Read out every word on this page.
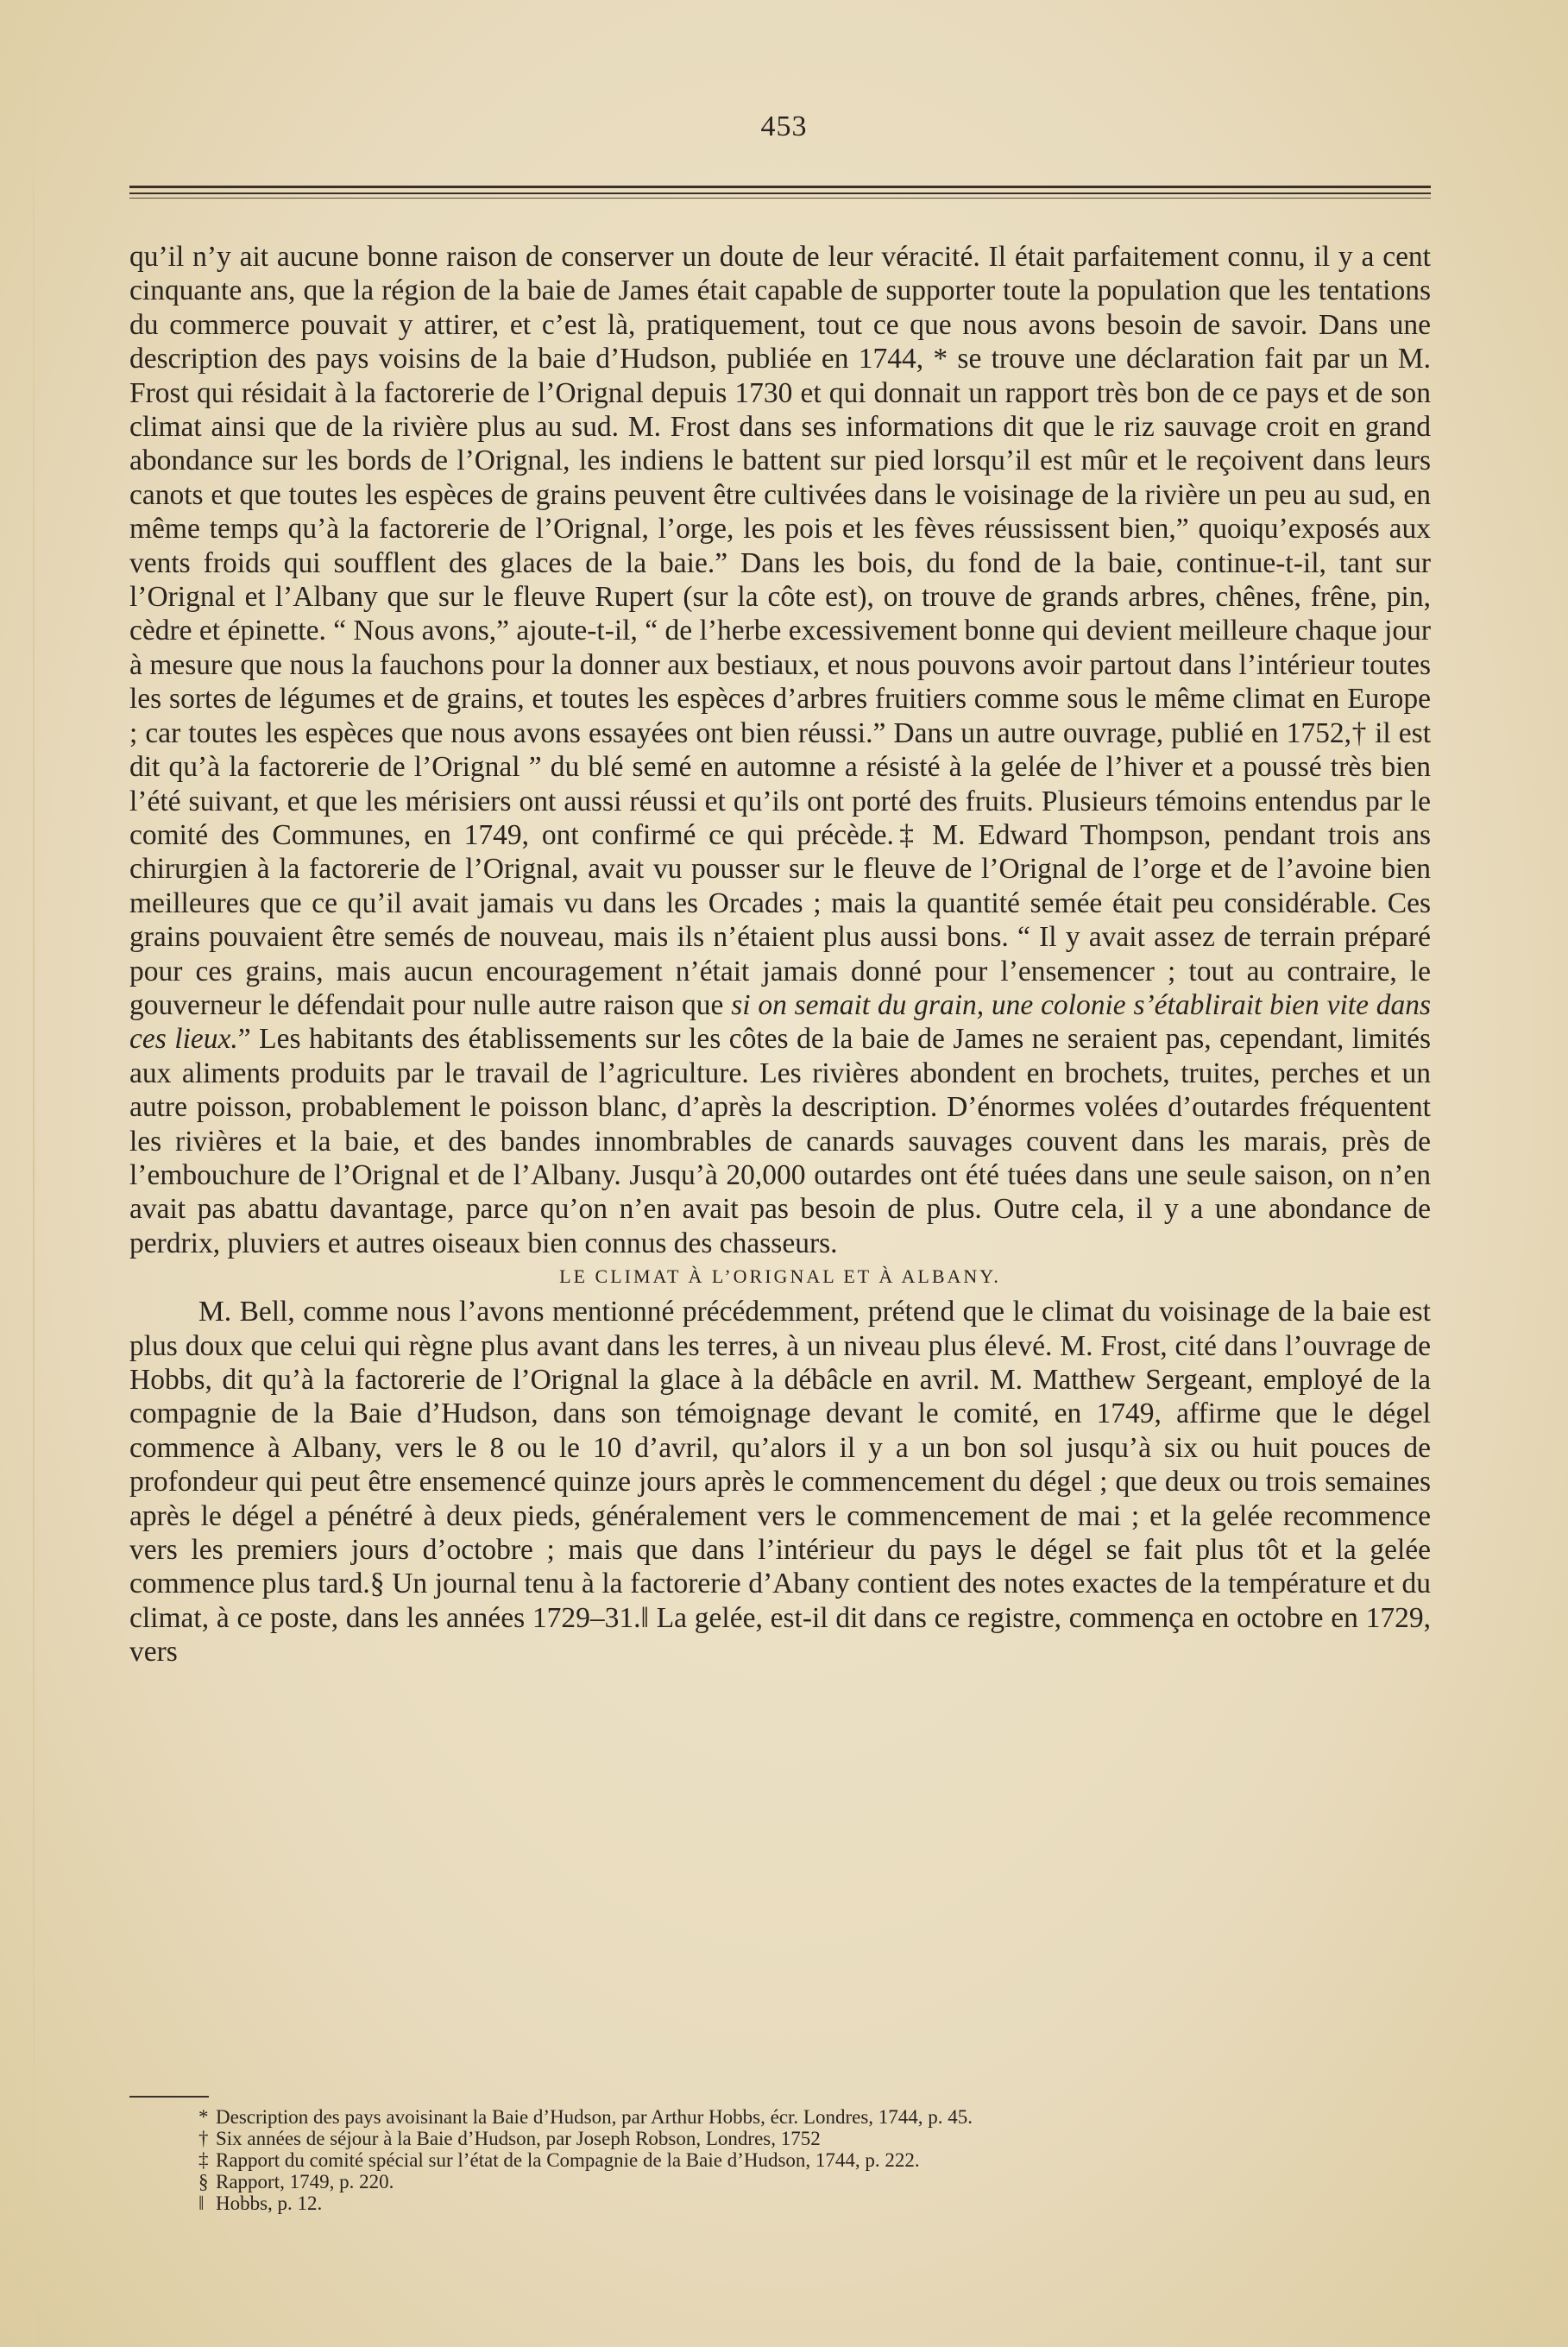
453

qu’il n’y ait aucune bonne raison de conserver un doute de leur véracité. Il était parfaitement connu, il y a cent cinquante ans, que la région de la baie de James était capable de supporter toute la population que les tentations du commerce pouvait y attirer, et c’est là, pratiquement, tout ce que nous avons besoin de savoir. Dans une description des pays voisins de la baie d’Hudson, publiée en 1744, * se trouve une déclaration fait par un M. Frost qui résidait à la factorerie de l’Orignal depuis 1730 et qui donnait un rapport très bon de ce pays et de son climat ainsi que de la rivière plus au sud. M. Frost dans ses informations dit que le riz sauvage croit en grand abondance sur les bords de l’Orignal, les indiens le battent sur pied lorsqu’il est mûr et le reçoivent dans leurs canots et que toutes les espèces de grains peuvent être cultivées dans le voisinage de la rivière un peu au sud, en même temps qu’à la factorerie de l’Orignal, l’orge, les pois et les fèves réussissent bien,” quoiqu’exposés aux vents froids qui soufflent des glaces de la baie.” Dans les bois, du fond de la baie, continue-t-il, tant sur l’Orignal et l’Albany que sur le fleuve Rupert (sur la côte est), on trouve de grands arbres, chênes, frêne, pin, cèdre et épinette. “ Nous avons,” ajoute-t-il, “ de l’herbe excessivement bonne qui devient meilleure chaque jour à mesure que nous la fauchons pour la donner aux bestiaux, et nous pouvons avoir partout dans l’intérieur toutes les sortes de légumes et de grains, et toutes les espèces d’arbres fruitiers comme sous le même climat en Europe ; car toutes les espèces que nous avons essayées ont bien réussi.” Dans un autre ouvrage, publié en 1752,† il est dit qu’à la factorerie de l’Orignal ” du blé semé en automne a résisté à la gelée de l’hiver et a poussé très bien l’été suivant, et que les mérisiers ont aussi réussi et qu’ils ont porté des fruits. Plusieurs témoins entendus par le comité des Communes, en 1749, ont confirmé ce qui précède.‡ M. Edward Thompson, pendant trois ans chirurgien à la factorerie de l’Orignal, avait vu pousser sur le fleuve de l’Orignal de l’orge et de l’avoine bien meilleures que ce qu’il avait jamais vu dans les Orcades ; mais la quantité semée était peu considérable. Ces grains pouvaient être semés de nouveau, mais ils n’étaient plus aussi bons. “ Il y avait assez de terrain préparé pour ces grains, mais aucun encouragement n’était jamais donné pour l’ensemencer ; tout au contraire, le gouverneur le défendait pour nulle autre raison que si on semait du grain, une colonie s’établirait bien vite dans ces lieux.” Les habitants des établissements sur les côtes de la baie de James ne seraient pas, cependant, limités aux aliments produits par le travail de l’agriculture. Les rivières abondent en brochets, truites, perches et un autre poisson, probablement le poisson blanc, d’après la description. D’énormes volées d’outardes fréquentent les rivières et la baie, et des bandes innombrables de canards sauvages couvent dans les marais, près de l’embouchure de l’Orignal et de l’Albany. Jusqu’à 20,000 outardes ont été tuées dans une seule saison, on n’en avait pas abattu davantage, parce qu’on n’en avait pas besoin de plus. Outre cela, il y a une abondance de perdrix, pluviers et autres oiseaux bien connus des chasseurs.

LE CLIMAT À L’ORIGNAL ET À ALBANY.

M. Bell, comme nous l’avons mentionné précédemment, prétend que le climat du voisinage de la baie est plus doux que celui qui règne plus avant dans les terres, à un niveau plus élevé. M. Frost, cité dans l’ouvrage de Hobbs, dit qu’à la factorerie de l’Orignal la glace à la débâcle en avril. M. Matthew Sergeant, employé de la compagnie de la Baie d’Hudson, dans son témoignage devant le comité, en 1749, affirme que le dégel commence à Albany, vers le 8 ou le 10 d’avril, qu’alors il y a un bon sol jusqu’à six ou huit pouces de profondeur qui peut être ensemencé quinze jours après le commencement du dégel ; que deux ou trois semaines après le dégel a pénétré à deux pieds, généralement vers le commencement de mai ; et la gelée recommence vers les premiers jours d’octobre ; mais que dans l’intérieur du pays le dégel se fait plus tôt et la gelée commence plus tard.§ Un journal tenu à la factorerie d’Abany contient des notes exactes de la température et du climat, à ce poste, dans les années 1729–31.‖ La gelée, est-il dit dans ce registre, commença en octobre en 1729, vers

* Description des pays avoisinant la Baie d’Hudson, par Arthur Hobbs, écr. Londres, 1744, p. 45.
† Six années de séjour à la Baie d’Hudson, par Joseph Robson, Londres, 1752
‡ Rapport du comité spécial sur l’état de la Compagnie de la Baie d’Hudson, 1744, p. 222.
§ Rapport, 1749, p. 220.
‖ Hobbs, p. 12.
